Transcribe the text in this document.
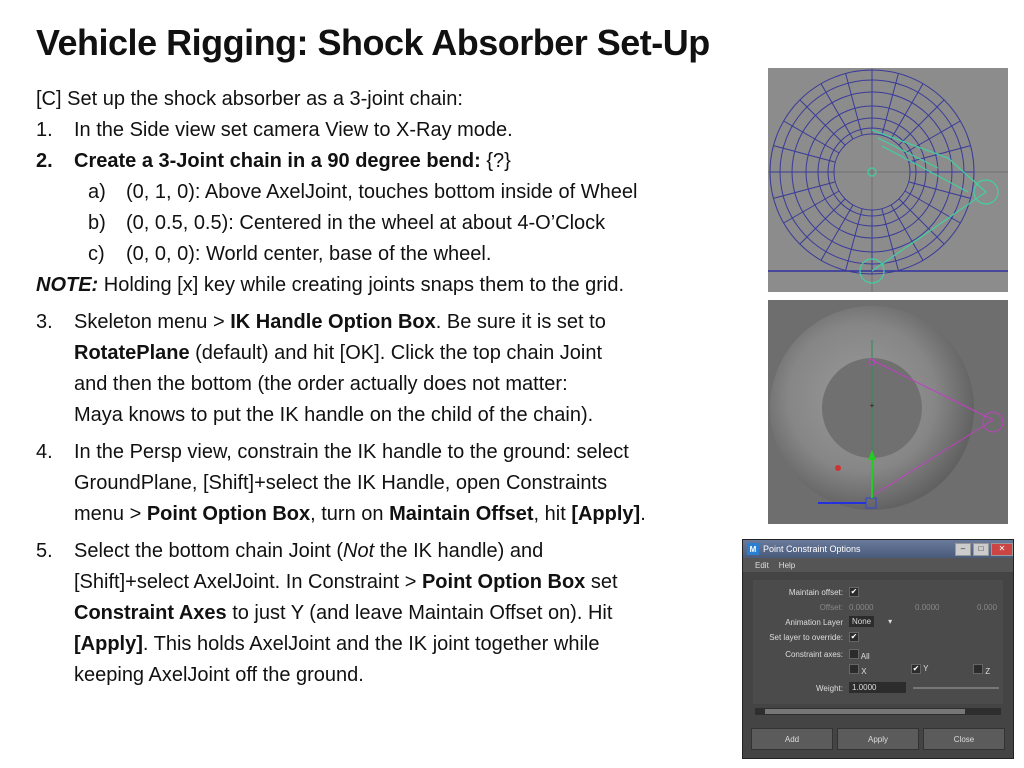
Vehicle Rigging: Shock Absorber Set-Up
[C] Set up the shock absorber as a 3-joint chain:
1. In the Side view set camera View to X-Ray mode.
2. Create a 3-Joint chain in a 90 degree bend: {?}
a) (0, 1, 0): Above AxelJoint, touches bottom inside of Wheel
b) (0, 0.5, 0.5): Centered in the wheel at about 4-O’Clock
c) (0, 0, 0): World center, base of the wheel.
NOTE: Holding [x] key while creating joints snaps them to the grid.
3. Skeleton menu > IK Handle Option Box. Be sure it is set to
RotatePlane (default) and hit [OK]. Click the top chain Joint
and then the bottom (the order actually does not matter:
Maya knows to put the IK handle on the child of the chain).
4. In the Persp view, constrain the IK handle to the ground: select
GroundPlane, [Shift]+select the IK Handle, open Constraints
menu > Point Option Box, turn on Maintain Offset, hit [Apply].
5. Select the bottom chain Joint (Not the IK handle) and
[Shift]+select AxelJoint. In Constraint > Point Option Box set
Constraint Axes to just Y (and leave Maintain Offset on). Hit
[Apply]. This holds AxelJoint and the IK joint together while
keeping AxelJoint off the ground.
+
M Point Constraint Options	–	□	✕
Edit Help
Maintain offset: ✔
Offset: 0.0000	0.0000	0.000
Animation Layer	None ▾
Set layer to override: ✔
Constraint axes:	All
X	✔ Y	Z
Weight:	1.0000
Add	Apply	Close
